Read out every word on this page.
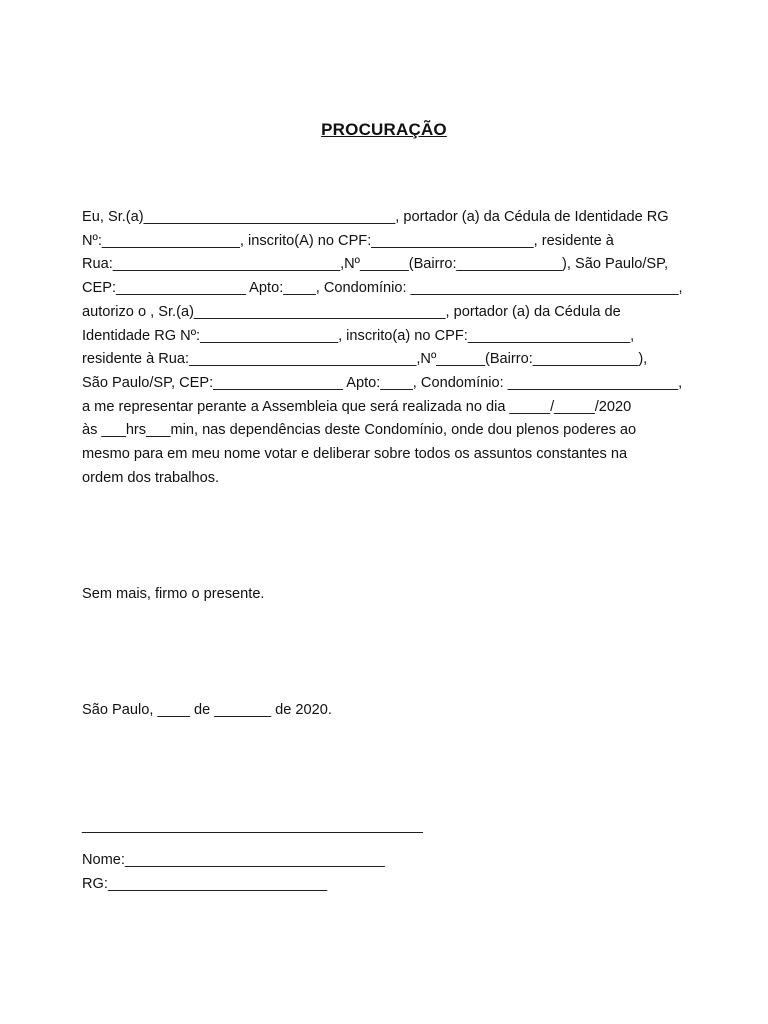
PROCURAÇÃO
Eu, Sr.(a)_______________________________, portador (a) da Cédula de Identidade RG
Nº:_________________, inscrito(A) no CPF:____________________, residente à
Rua:____________________________,Nº______(Bairro:_____________), São Paulo/SP,
CEP:________________ Apto:____, Condomínio: _________________________________,
autorizo o , Sr.(a)_______________________________, portador (a) da Cédula de
Identidade RG Nº:_________________, inscrito(a) no CPF:____________________,
residente à Rua:____________________________,Nº______(Bairro:_____________),
São Paulo/SP, CEP:________________ Apto:____, Condomínio: _____________________,
a me representar perante a Assembleia que será realizada no dia _____/_____/2020
às ___hrs___min, nas dependências deste Condomínio, onde dou plenos poderes ao
mesmo para em meu nome votar e deliberar sobre todos os assuntos constantes na
ordem dos trabalhos.
Sem mais, firmo o presente.
São Paulo, ____ de _______ de 2020.
__________________________________________
Nome:________________________________
RG:___________________________
